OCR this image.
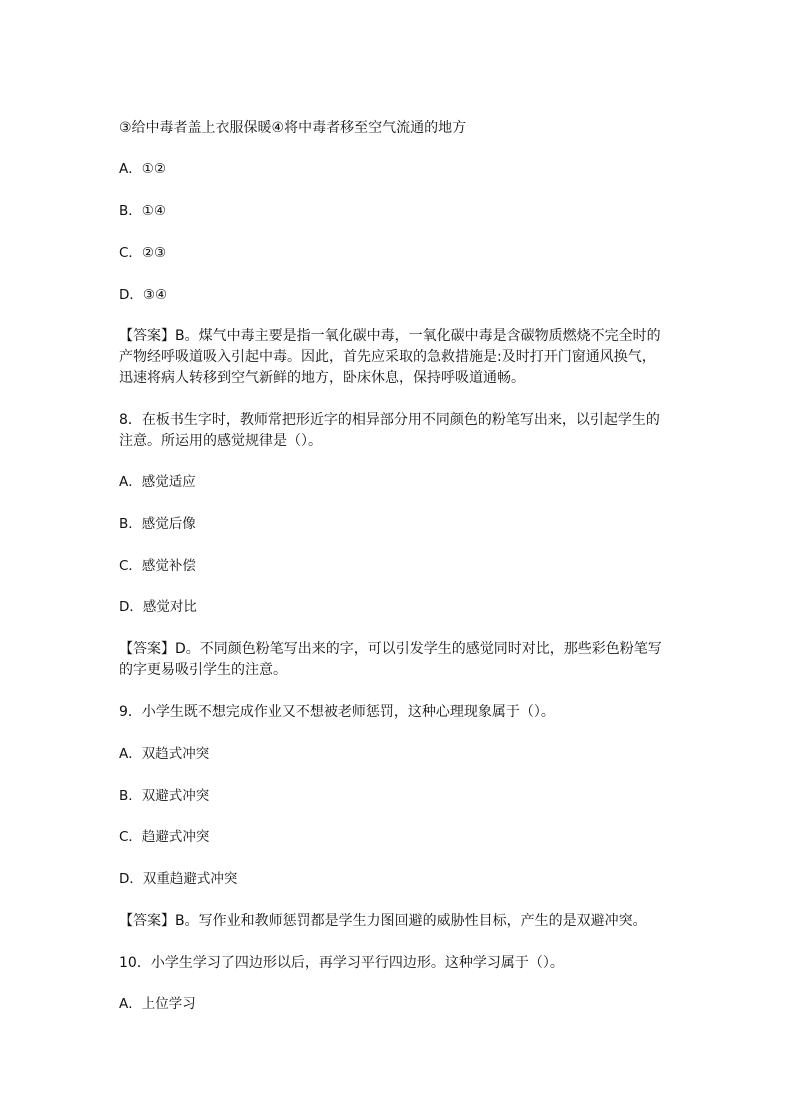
③给中毒者盖上衣服保暖④将中毒者移至空气流通的地方
A．①②
B．①④
C．②③
D．③④
【答案】B。煤气中毒主要是指一氧化碳中毒，一氧化碳中毒是含碳物质燃烧不完全时的
产物经呼吸道吸入引起中毒。因此，首先应采取的急救措施是:及时打开门窗通风换气，
迅速将病人转移到空气新鲜的地方，卧床休息，保持呼吸道通畅。
8．在板书生字时，教师常把形近字的相异部分用不同颜色的粉笔写出来，以引起学生的
注意。所运用的感觉规律是（）。
A．感觉适应
B．感觉后像
C．感觉补偿
D．感觉对比
【答案】D。不同颜色粉笔写出来的字，可以引发学生的感觉同时对比，那些彩色粉笔写
的字更易吸引学生的注意。
9．小学生既不想完成作业又不想被老师惩罚，这种心理现象属于（）。
A．双趋式冲突
B．双避式冲突
C．趋避式冲突
D．双重趋避式冲突
【答案】B。写作业和教师惩罚都是学生力图回避的威胁性目标，产生的是双避冲突。
10．小学生学习了四边形以后，再学习平行四边形。这种学习属于（）。
A．上位学习
